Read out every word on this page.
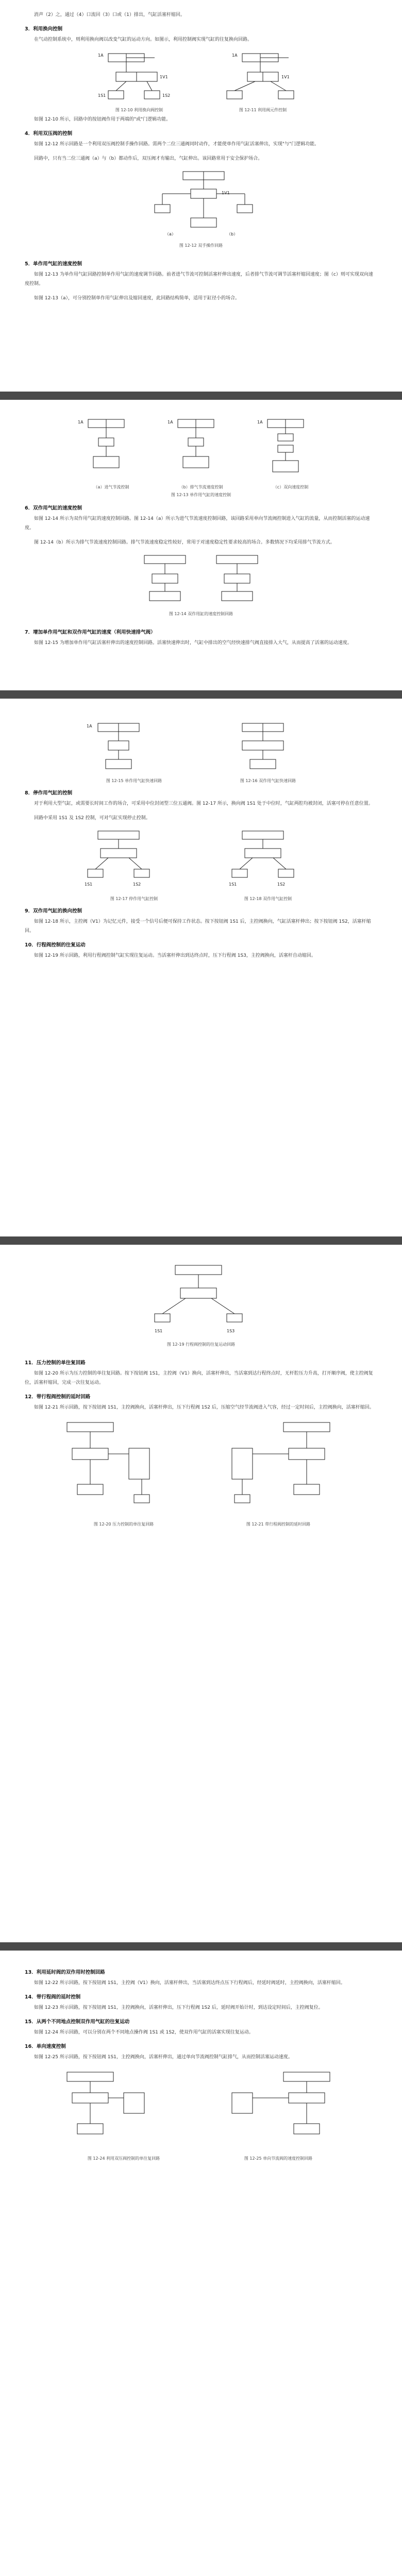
消声（2）之，通过（4）口流回（3）口或（1）排出，气缸活塞杆缩回。

3．利用换向控制

在气动控制系统中，则利用换向阀以改变气缸的运动方向。如图示，利用控制阀实现气缸的往复换向回路。

1A
1V1
1S1	1S2
图 12-10 利用换向阀控制
1A
1V1
图 12-11 利用阀元件控制

如图 12-10 所示，回路中的按钮阀作用于两端的"或"门逻辑功能。

4．利用双压阀的控制

如图 12-12 所示回路是一个利用双压阀控制手操作回路。需两个二位三通阀同时动作，才能使单作用气缸活塞伸出，实现"与"门逻辑功能。

回路中，只有当二位三通阀（a）与（b）都动作后，双压阀才有输出，气缸伸出。该回路常用于安全保护场合。

（a）	（b）
1V1
图 12-12 双手操作回路
5．单作用气缸的速度控制

如图 12-13 为单作用气缸回路控制单作用气缸的速度调节回路。前者进气节流可控制活塞杆伸出速度，后者排气节流可调节活塞杆缩回速度；图（c）则可实现双向速度控制。

如图 12-13（a），可分别控制单作用气缸伸出及缩回速度，此回路结构简单，适用于缸径小的场合。

1A
（a）进气节流控制
1A
（b）排气节流速度控制
1A
（c）双向速度控制
图 12-13 单作用气缸的速度控制
6．双作用气缸的速度控制

如图 12-14 所示为双作用气缸的速度控制回路。图 12-14（a）所示为进气节流速度控制回路，该回路采用单向节流阀控制进入气缸的流量，从而控制活塞的运动速度。

图 12-14（b）所示为排气节流速度控制回路。排气节流速度稳定性较好，常用于对速度稳定性要求较高的场合。多数情况下均采用排气节流方式。

图 12-14 双作用缸的速度控制回路
7．增加单作用气缸和双作用气缸的速度（利用快速排气阀）

如图 12-15 为增加单作用气缸活塞杆伸出的速度控制回路。活塞快速伸出时，气缸中排出的空气经快速排气阀直接排入大气，从而提高了活塞的运动速度。

1A
图 12-15 单作用气缸快速回路	图 12-16 双作用气缸快速回路
8．停作用气缸的控制

对于利用大型气缸，或需要长时间工作的场合，可采用中位封闭型三位五通阀。图 12-17 所示，换向阀 1S1 处于中位时，气缸两腔均被封闭，活塞可停在任意位置。

回路中采用 1S1 及 1S2 控制，可对气缸实现停止控制。

1S1	1S2
图 12-17 停作用气缸控制
1S1	1S2
图 12-18 双作用气缸控制
9．双作用气缸的换向控制

如图 12-18 所示，主控阀（V1）为记忆元件，接受一个信号后便可保持工作状态。按下按钮阀 1S1 后，主控阀换向，气缸活塞杆伸出；按下按钮阀 1S2，活塞杆缩回。

10．行程阀控制的往复运动

如图 12-19 所示回路，利用行程阀控制气缸实现往复运动。当活塞杆伸出到达终点时，压下行程阀 1S3，主控阀换向，活塞杆自动缩回。

1S1	1S3
图 12-19 行程阀控制的往复运动回路
11．压力控制的单往复回路

如图 12-20 所示为压力控制的单往复回路。按下按钮阀 1S1，主控阀（V1）换向，活塞杆伸出，当活塞到达行程终点时，无杆腔压力升高，打开顺序阀，使主控阀复位，活塞杆缩回，完成一次往复运动。

12．带行程阀控制的延时回路

如图 12-21 所示回路，按下按钮阀 1S1，主控阀换向，活塞杆伸出，压下行程阀 1S2 后，压缩空气经节流阀进入气容，经过一定时间后，主控阀换向，活塞杆缩回。

图 12-20 压力控制的单往复回路	图 12-21 带行程阀控制的延时回路
13．利用延时阀的双作用时控制回路

如图 12-22 所示回路，按下按钮阀 1S1，主控阀（V1）换向，活塞杆伸出，当活塞到达终点压下行程阀后，经延时阀延时，主控阀换向，活塞杆缩回。

14．带行程阀的延时控制

如图 12-23 所示回路，按下按钮阀 1S1，主控阀换向，活塞杆伸出，压下行程阀 1S2 后，延时阀开始计时，到达设定时间后，主控阀复位。

15．从两个不同地点控制双作用气缸的往复运动

如图 12-24 所示回路，可以分别在两个不同地点操作阀 1S1 或 1S2，使双作用气缸的活塞实现往复运动。

16．单向速度控制

如图 12-25 所示回路，按下按钮阀 1S1，主控阀换向，活塞杆伸出，通过单向节流阀控制气缸排气，从而控制活塞运动速度。

图 12-24 利用双压阀控制的单往复回路	图 12-25 单向节流阀的速度控制回路
